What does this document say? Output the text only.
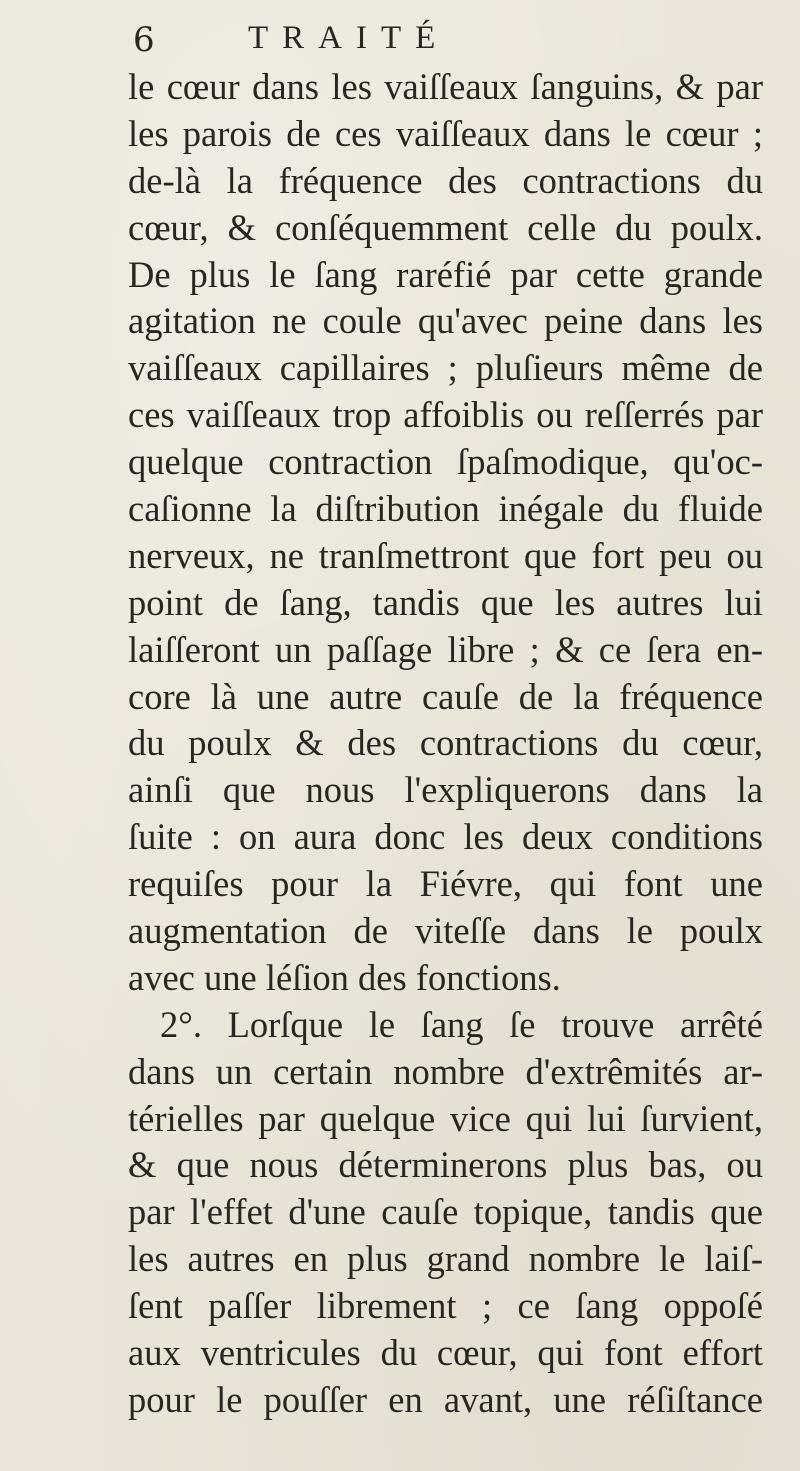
6	TRAITÉ
le cœur dans les vaiſſeaux ſanguins, & par
les parois de ces vaiſſeaux dans le cœur ;
de-là la fréquence des contractions du
cœur, & conſéquemment celle du poulx.
De plus le ſang raréfié par cette grande
agitation ne coule qu'avec peine dans les
vaiſſeaux capillaires ; pluſieurs même de
ces vaiſſeaux trop affoiblis ou reſſerrés par
quelque contraction ſpaſmodique, qu'oc-
caſionne la diſtribution inégale du fluide
nerveux, ne tranſmettront que fort peu ou
point de ſang, tandis que les autres lui
laiſſeront un paſſage libre ; & ce ſera en-
core là une autre cauſe de la fréquence
du poulx & des contractions du cœur,
ainſi que nous l'expliquerons dans la
ſuite : on aura donc les deux conditions
requiſes pour la Fiévre, qui font une
augmentation de viteſſe dans le poulx
avec une léſion des fonctions.
2°. Lorſque le ſang ſe trouve arrêté
dans un certain nombre d'extrêmités ar-
térielles par quelque vice qui lui ſurvient,
& que nous déterminerons plus bas, ou
par l'effet d'une cauſe topique, tandis que
les autres en plus grand nombre le laiſ-
ſent paſſer librement ; ce ſang oppoſé
aux ventricules du cœur, qui font effort
pour le pouſſer en avant, une réſiſtance
